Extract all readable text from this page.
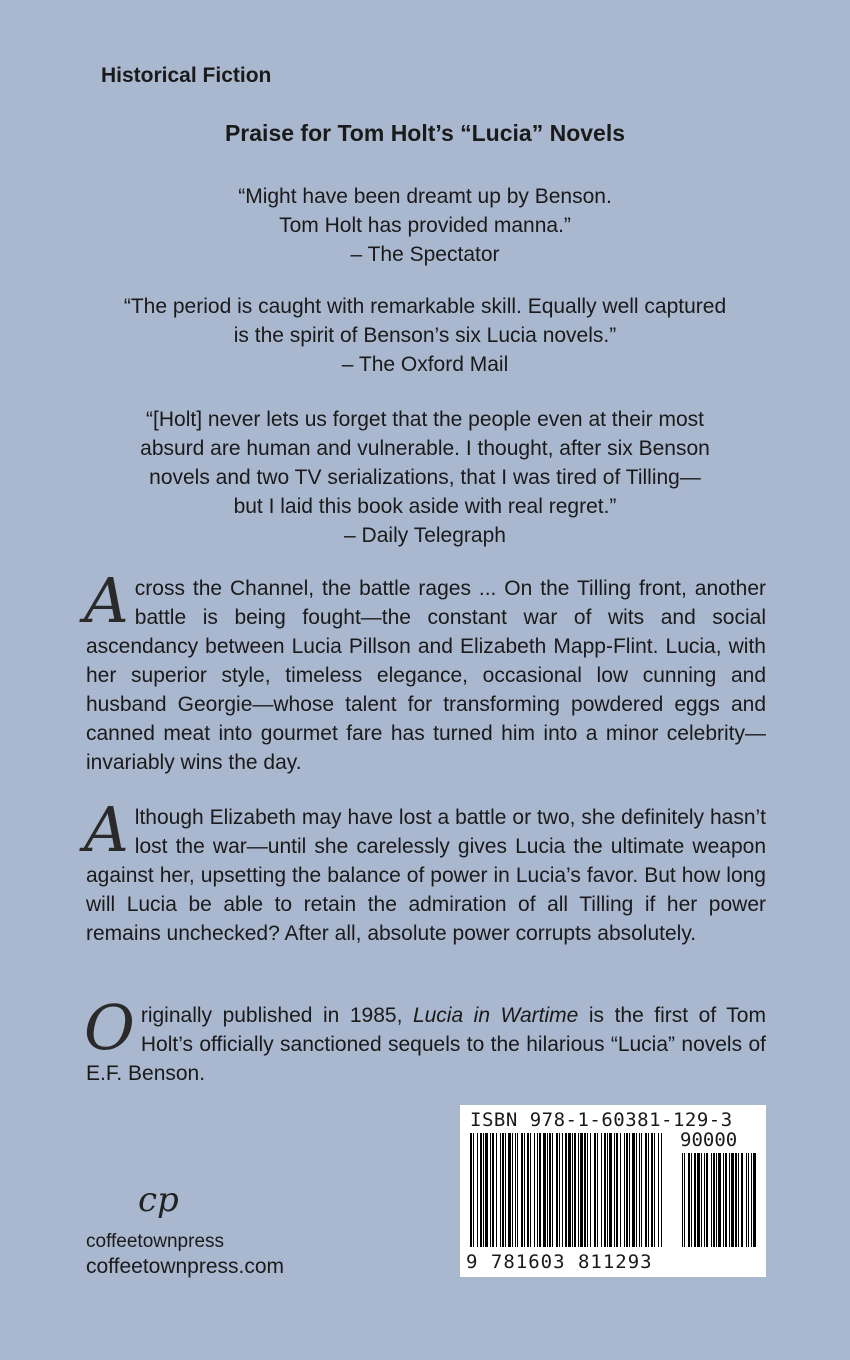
Historical Fiction
Praise for Tom Holt’s “Lucia” Novels
“Might have been dreamt up by Benson.
Tom Holt has provided manna.”
– The Spectator
“The period is caught with remarkable skill. Equally well captured
is the spirit of Benson’s six Lucia novels.”
– The Oxford Mail
“[Holt] never lets us forget that the people even at their most
absurd are human and vulnerable. I thought, after six Benson
novels and two TV serializations, that I was tired of Tilling—
but I laid this book aside with real regret.”
– Daily Telegraph
Across the Channel, the battle rages ... On the Tilling front, another battle is being fought—the constant war of wits and social ascendancy between Lucia Pillson and Elizabeth Mapp-Flint. Lucia, with her superior style, timeless elegance, occasional low cunning and husband Georgie—whose talent for transforming powdered eggs and canned meat into gourmet fare has turned him into a minor celebrity—invariably wins the day.
Although Elizabeth may have lost a battle or two, she definitely hasn’t lost the war—until she carelessly gives Lucia the ultimate weapon against her, upsetting the balance of power in Lucia’s favor. But how long will Lucia be able to retain the admiration of all Tilling if her power remains unchecked? After all, absolute power corrupts absolutely.
Originally published in 1985, Lucia in Wartime is the first of Tom Holt’s officially sanctioned sequels to the hilarious “Lucia” novels of E.F. Benson.
cp
coffeetownpress
coffeetownpress.com
ISBN 978-1-60381-129-3
90000
9 781603 811293
